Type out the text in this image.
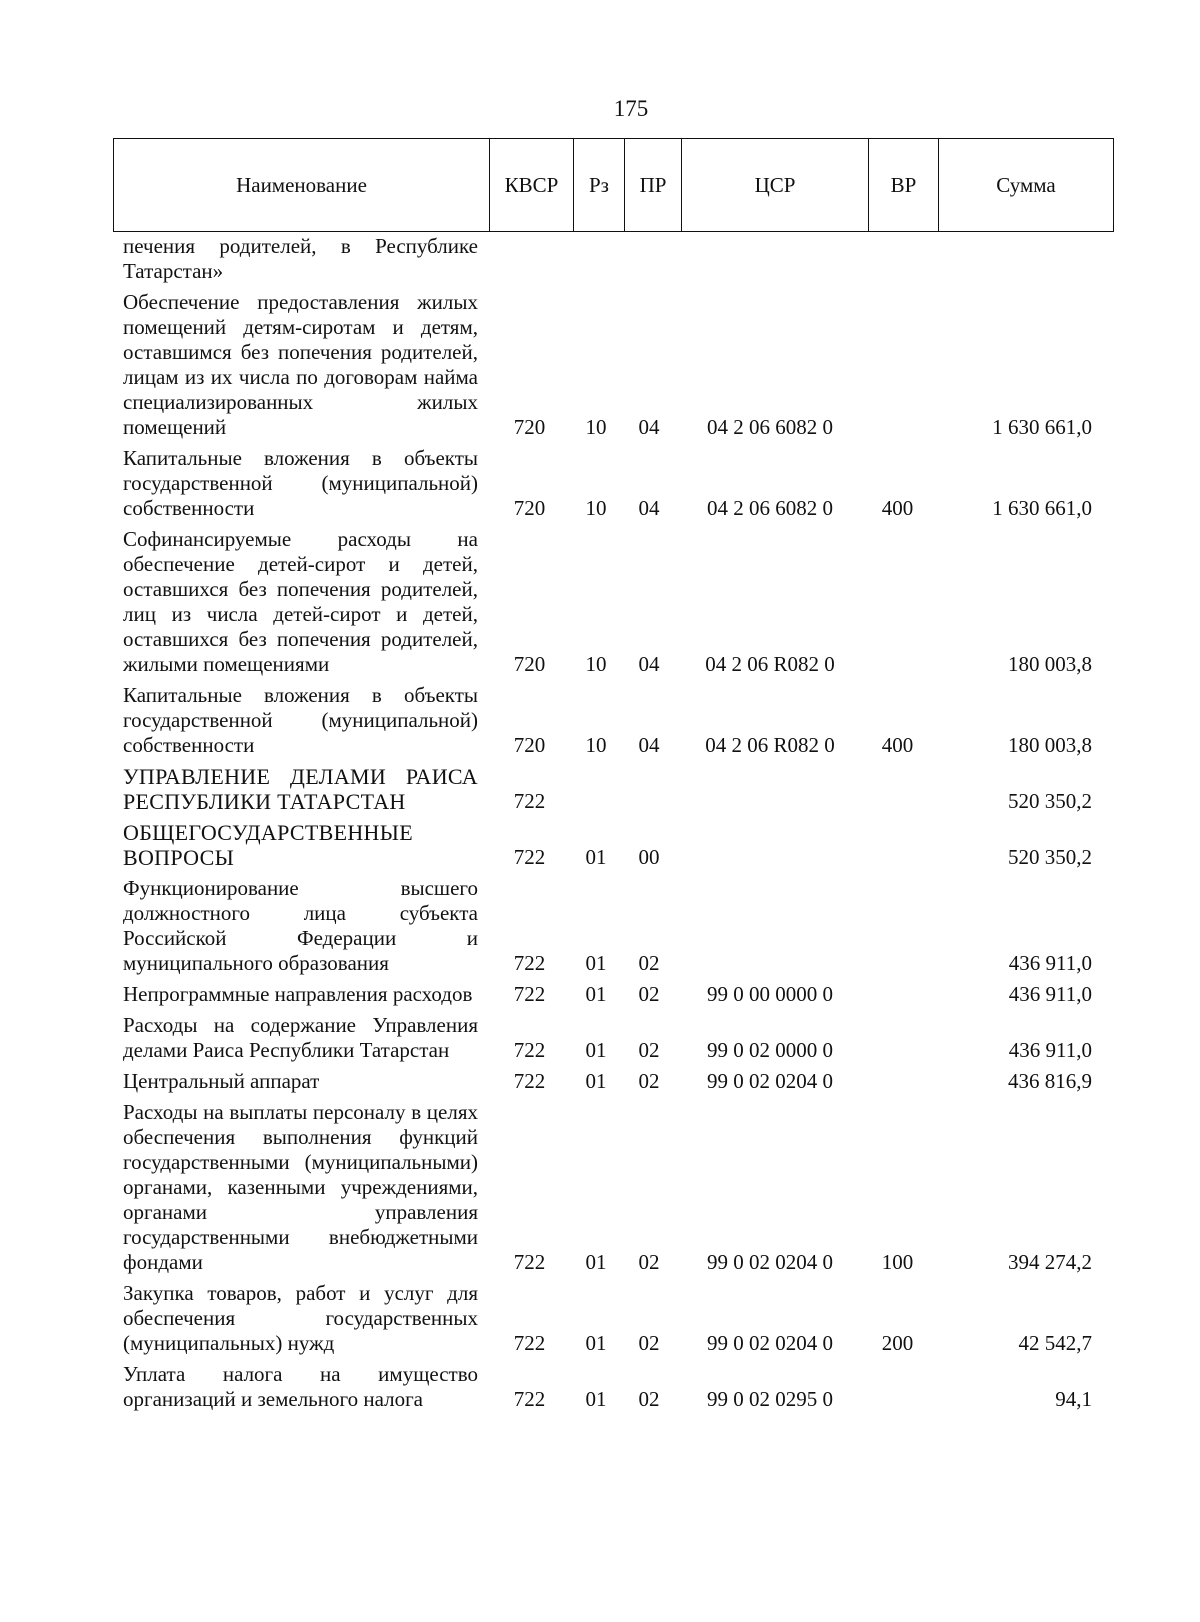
175
Наименование	КВСР	Рз	ПР	ЦСР	ВР	Сумма
печения родителей, в Республике Татарстан»						
Обеспечение предоставления жилых помещений детям-сиротам и детям, оставшимся без попечения родителей, лицам из их числа по договорам найма специализированных жилых помещений	720	10	04	04 2 06 6082 0		1 630 661,0
Капитальные вложения в объекты государственной (муниципальной) собственности	720	10	04	04 2 06 6082 0	400	1 630 661,0
Софинансируемые расходы на обеспечение детей-сирот и детей, оставшихся без попечения родителей, лиц из числа детей-сирот и детей, оставшихся без попечения родителей, жилыми помещениями	720	10	04	04 2 06 R082 0		180 003,8
Капитальные вложения в объекты государственной (муниципальной) собственности	720	10	04	04 2 06 R082 0	400	180 003,8
УПРАВЛЕНИЕ ДЕЛАМИ РАИСА РЕСПУБЛИКИ ТАТАРСТАН	722					520 350,2
ОБЩЕГОСУДАРСТВЕННЫЕ ВОПРОСЫ	722	01	00			520 350,2
Функционирование высшего должностного лица субъекта Российской Федерации и муниципального образования	722	01	02			436 911,0
Непрограммные направления расходов	722	01	02	99 0 00 0000 0		436 911,0
Расходы на содержание Управления делами Раиса Республики Татарстан	722	01	02	99 0 02 0000 0		436 911,0
Центральный аппарат	722	01	02	99 0 02 0204 0		436 816,9
Расходы на выплаты персоналу в целях обеспечения выполнения функций государственными (муниципальными) органами, казенными учреждениями, органами управления государственными внебюджетными фондами	722	01	02	99 0 02 0204 0	100	394 274,2
Закупка товаров, работ и услуг для обеспечения государственных (муниципальных) нужд	722	01	02	99 0 02 0204 0	200	42 542,7
Уплата налога на имущество организаций и земельного налога	722	01	02	99 0 02 0295 0		94,1
